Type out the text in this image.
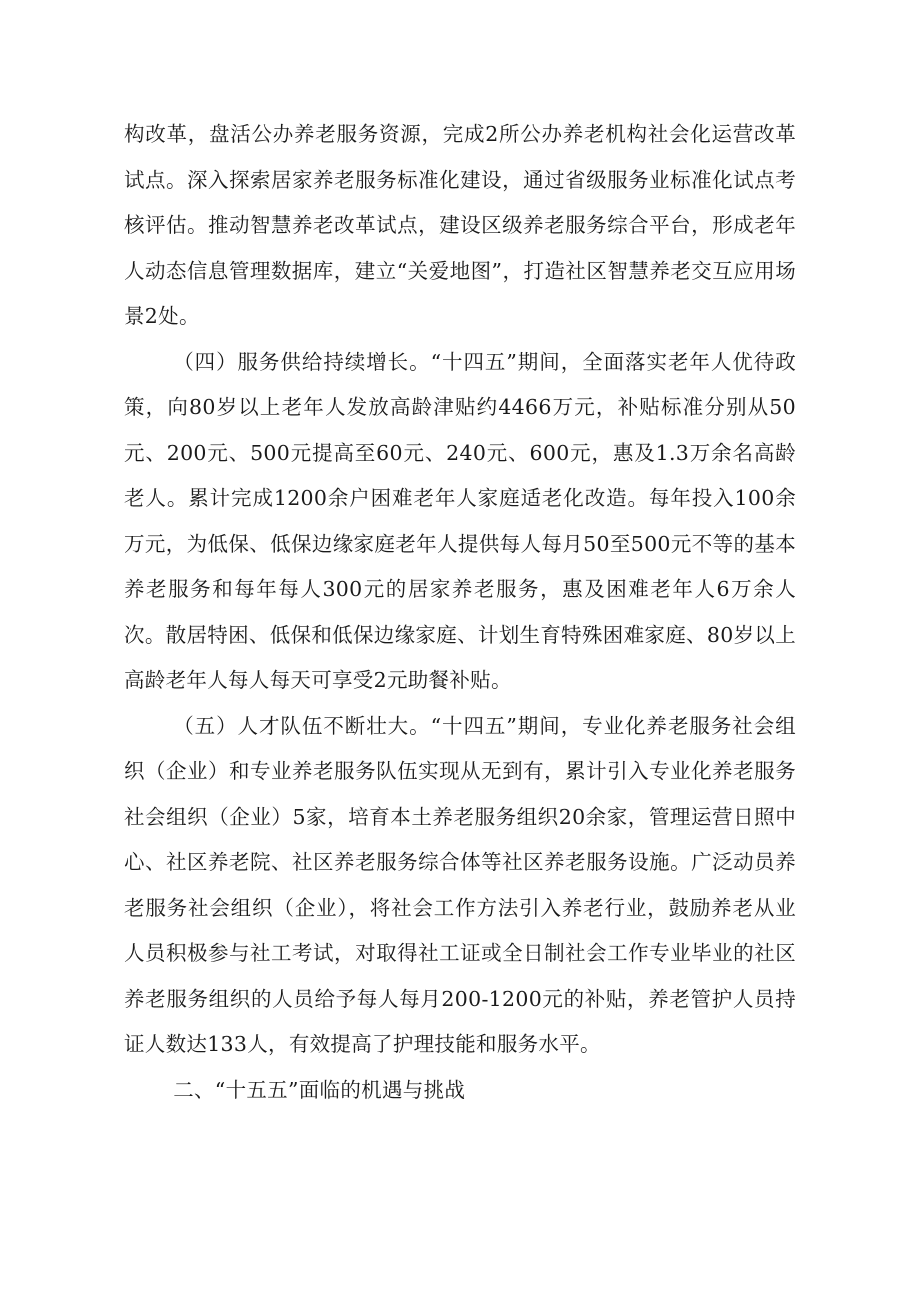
构改革，盘活公办养老服务资源，完成2所公办养老机构社会化运营改革试点。深入探索居家养老服务标准化建设，通过省级服务业标准化试点考核评估。推动智慧养老改革试点，建设区级养老服务综合平台，形成老年人动态信息管理数据库，建立“关爱地图”，打造社区智慧养老交互应用场景2处。

（四）服务供给持续增长。“十四五”期间，全面落实老年人优待政策，向80岁以上老年人发放高龄津贴约4466万元，补贴标准分别从50元、200元、500元提高至60元、240元、600元，惠及1.3万余名高龄老人。累计完成1200余户困难老年人家庭适老化改造。每年投入100余万元，为低保、低保边缘家庭老年人提供每人每月50至500元不等的基本养老服务和每年每人300元的居家养老服务，惠及困难老年人6万余人次。散居特困、低保和低保边缘家庭、计划生育特殊困难家庭、80岁以上高龄老年人每人每天可享受2元助餐补贴。

（五）人才队伍不断壮大。“十四五”期间，专业化养老服务社会组织（企业）和专业养老服务队伍实现从无到有，累计引入专业化养老服务社会组织（企业）5家，培育本土养老服务组织20余家，管理运营日照中心、社区养老院、社区养老服务综合体等社区养老服务设施。广泛动员养老服务社会组织（企业），将社会工作方法引入养老行业，鼓励养老从业人员积极参与社工考试，对取得社工证或全日制社会工作专业毕业的社区养老服务组织的人员给予每人每月200-1200元的补贴，养老管护人员持证人数达133人，有效提高了护理技能和服务水平。

二、“十五五”面临的机遇与挑战
